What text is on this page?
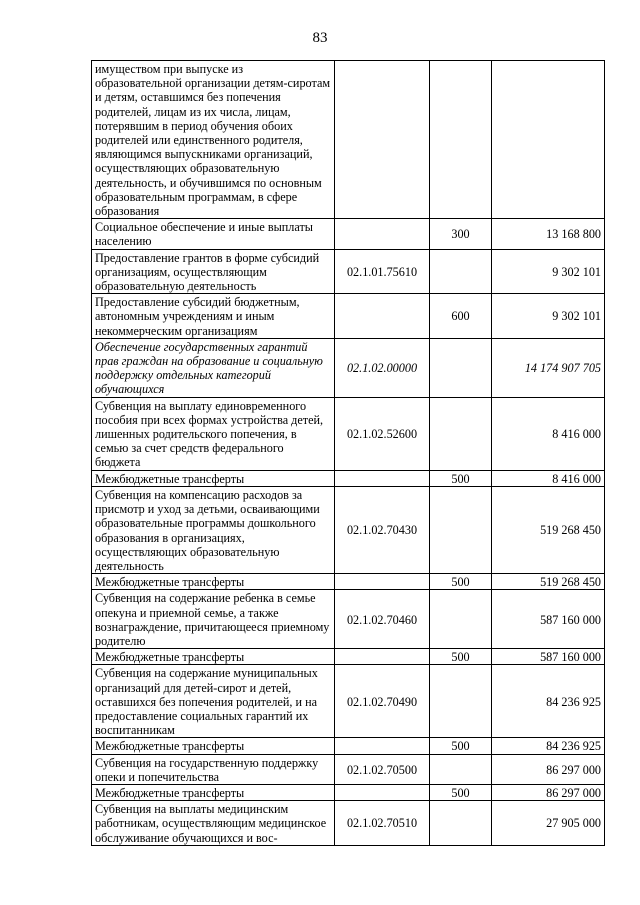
83
имуществом при выпуске из образовательной организации детям-сиротам и детям, оставшимся без попечения родителей, лицам из их числа, лицам, потерявшим в период обучения обоих родителей или единственного родителя, являющимся выпускниками организаций, осуществляющих образовательную деятельность, и обучившимся по основным образовательным программам, в сфере образования			
Социальное обеспечение и иные выплаты населению		300	13 168 800
Предоставление грантов в форме субсидий организациям, осуществляющим образовательную деятельность	02.1.01.75610		9 302 101
Предоставление субсидий бюджетным, автономным учреждениям и иным некоммерческим организациям		600	9 302 101
Обеспечение государственных гарантий прав граждан на образование и социальную поддержку отдельных категорий обучающихся	02.1.02.00000		14 174 907 705
Субвенция на выплату единовременного пособия при всех формах устройства детей, лишенных родительского попечения, в семью за счет средств федерального бюджета	02.1.02.52600		8 416 000
Межбюджетные трансферты		500	8 416 000
Субвенция на компенсацию расходов за присмотр и уход за детьми, осваивающими образовательные программы дошкольного образования в организациях, осуществляющих образовательную деятельность	02.1.02.70430		519 268 450
Межбюджетные трансферты		500	519 268 450
Субвенция на содержание ребенка в семье опекуна и приемной семье, а также вознаграждение, причитающееся приемному родителю	02.1.02.70460		587 160 000
Межбюджетные трансферты		500	587 160 000
Субвенция на содержание муниципальных организаций для детей-сирот и детей, оставшихся без попечения родителей, и на предоставление социальных гарантий их воспитанникам	02.1.02.70490		84 236 925
Межбюджетные трансферты		500	84 236 925
Субвенция на государственную поддержку опеки и попечительства	02.1.02.70500		86 297 000
Межбюджетные трансферты		500	86 297 000
Субвенция на выплаты медицинским работникам, осуществляющим медицинское обслуживание обучающихся и вос-	02.1.02.70510		27 905 000
